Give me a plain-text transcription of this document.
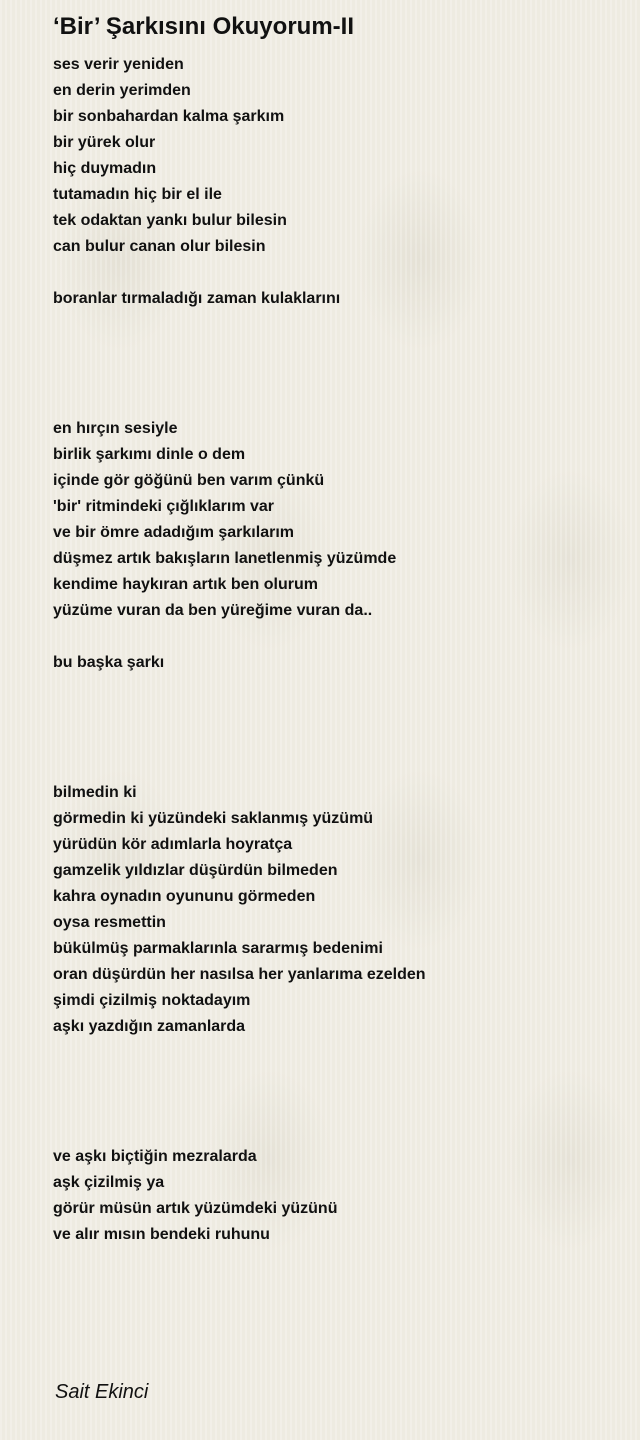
‘Bir’ Şarkısını Okuyorum-II
ses verir yeniden
en derin yerimden
bir sonbahardan kalma şarkım
bir yürek olur
hiç duymadın
tutamadın hiç bir el ile
tek odaktan yankı bulur bilesin
can bulur canan olur bilesin
boranlar tırmaladığı zaman kulaklarını
en hırçın sesiyle
birlik şarkımı dinle o dem
içinde gör göğünü ben varım çünkü
'bir' ritmindeki çığlıklarım var
ve bir ömre adadığım şarkılarım
düşmez artık bakışların lanetlenmiş yüzümde
kendime haykıran artık ben olurum
yüzüme vuran da ben yüreğime vuran da..
bu başka şarkı
bilmedin ki
görmedin ki yüzündeki saklanmış yüzümü
yürüdün kör adımlarla hoyratça
gamzelik yıldızlar düşürdün bilmeden
kahra oynadın oyununu görmeden
oysa resmettin
bükülmüş parmaklarınla sararmış bedenimi
oran düşürdün her nasılsa her yanlarıma ezelden
şimdi çizilmiş noktadayım
aşkı yazdığın zamanlarda
ve aşkı biçtiğin mezralarda
aşk çizilmiş ya
görür müsün artık yüzümdeki yüzünü
ve alır mısın bendeki ruhunu
Sait Ekinci
